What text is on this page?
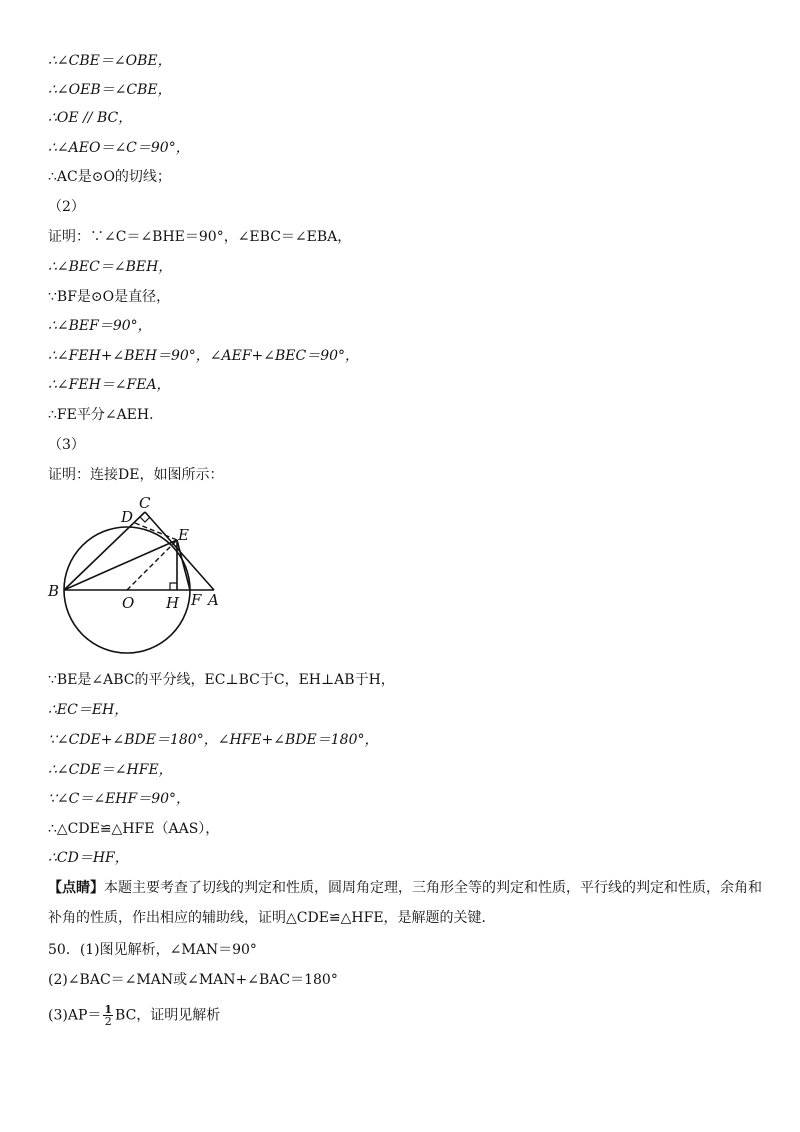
∴∠CBE＝∠OBE，
∴∠OEB＝∠CBE，
∴OE // BC，
∴∠AEO＝∠C＝90°，
∴AC是⊙O的切线；
（2）
证明：∵∠C＝∠BHE＝90°，∠EBC＝∠EBA，
∴∠BEC＝∠BEH，
∵BF是⊙O是直径，
∴∠BEF＝90°，
∴∠FEH+∠BEH＝90°，∠AEF+∠BEC＝90°，
∴∠FEH＝∠FEA，
∴FE平分∠AEH．
（3）
证明：连接DE，如图所示：
B
O H F A
C
D
E
∵BE是∠ABC的平分线，EC⊥BC于C，EH⊥AB于H，
∴EC＝EH，
∵∠CDE+∠BDE＝180°，∠HFE+∠BDE＝180°，
∴∠CDE＝∠HFE，
∵∠C＝∠EHF＝90°，
∴△CDE≌△HFE（AAS），
∴CD＝HF，
【点睛】本题主要考查了切线的判定和性质，圆周角定理，三角形全等的判定和性质，平行线的判定和性质，余角和补角的性质，作出相应的辅助线，证明△CDE≌△HFE，是解题的关键．
50．(1)图见解析，∠MAN＝90°
(2)∠BAC＝∠MAN或∠MAN+∠BAC＝180°
$(3)AP= \frac{1}{2}$ BC，证明见解析
